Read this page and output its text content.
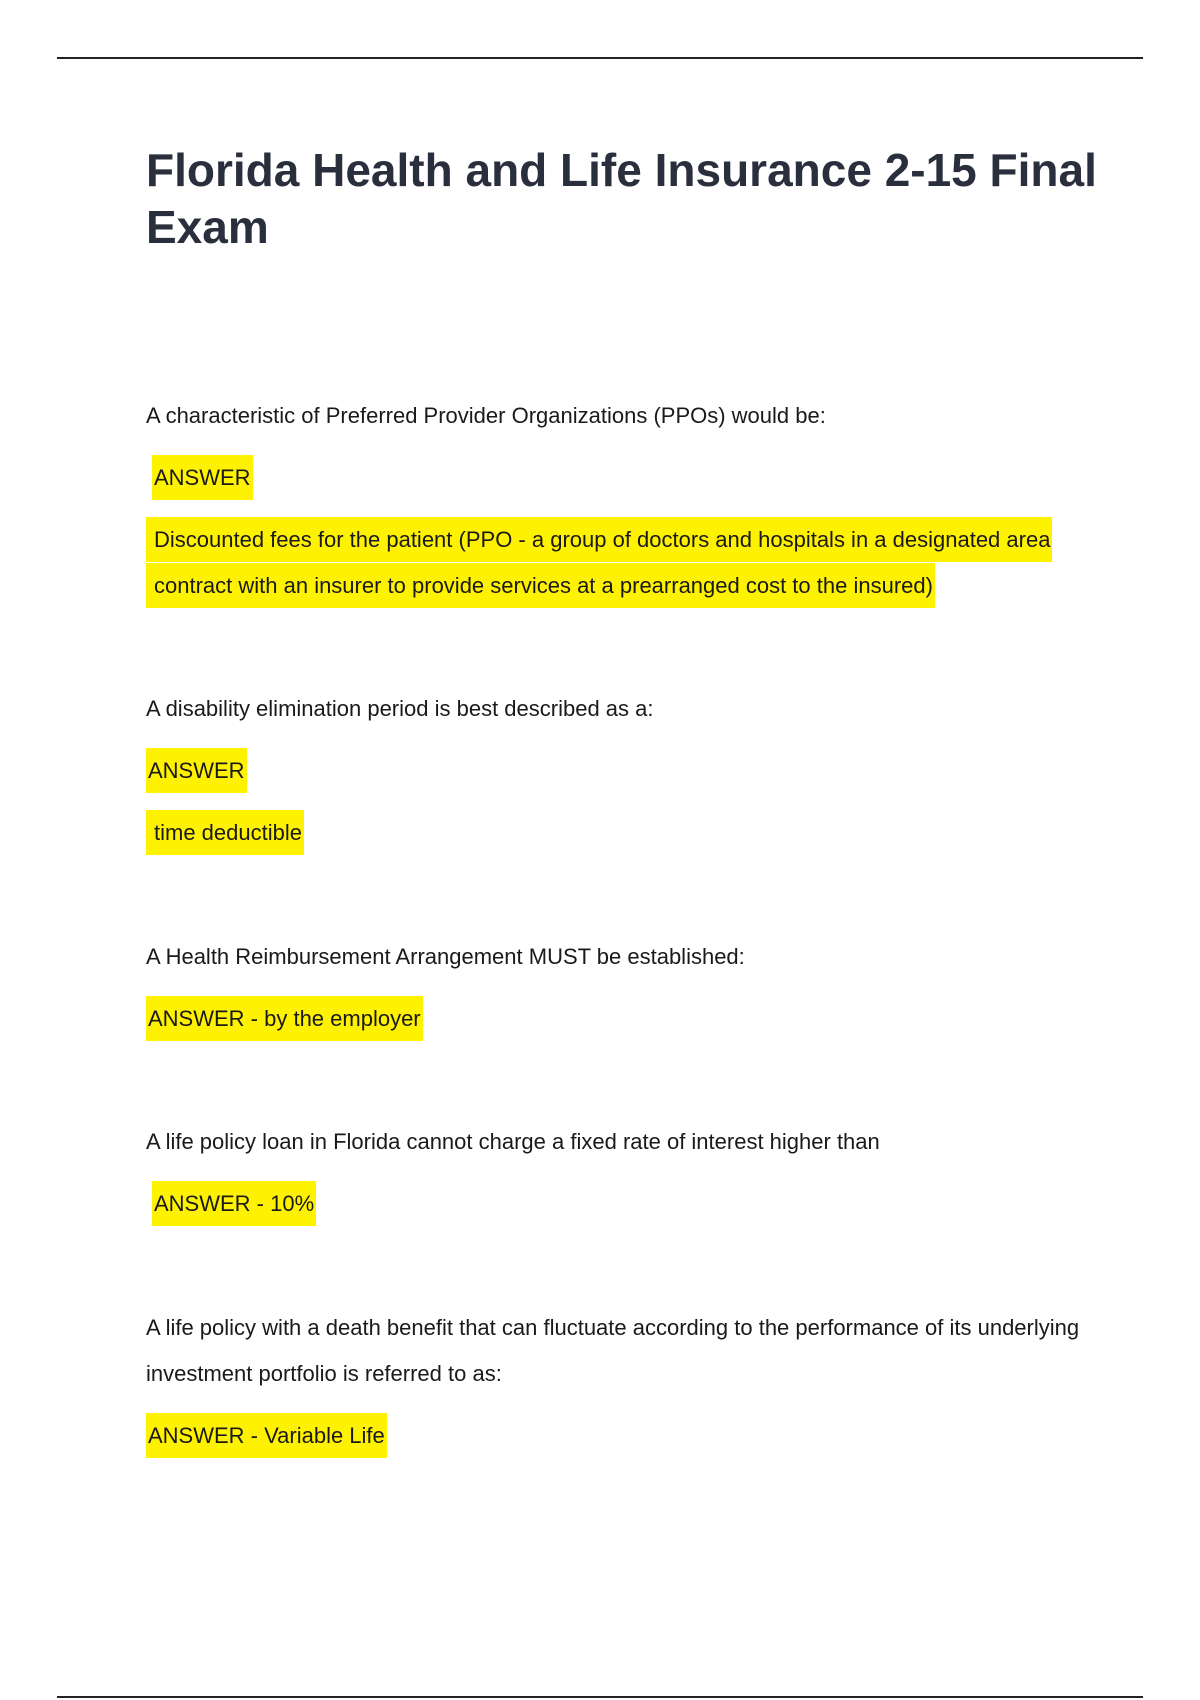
Florida Health and Life Insurance 2-15 Final Exam

A characteristic of Preferred Provider Organizations (PPOs) would be:

ANSWER

Discounted fees for the patient (PPO - a group of doctors and hospitals in a designated area contract with an insurer to provide services at a prearranged cost to the insured)

A disability elimination period is best described as a:

ANSWER

time deductible

A Health Reimbursement Arrangement MUST be established:

ANSWER - by the employer

A life policy loan in Florida cannot charge a fixed rate of interest higher than

ANSWER - 10%

A life policy with a death benefit that can fluctuate according to the performance of its underlying investment portfolio is referred to as:

ANSWER - Variable Life
